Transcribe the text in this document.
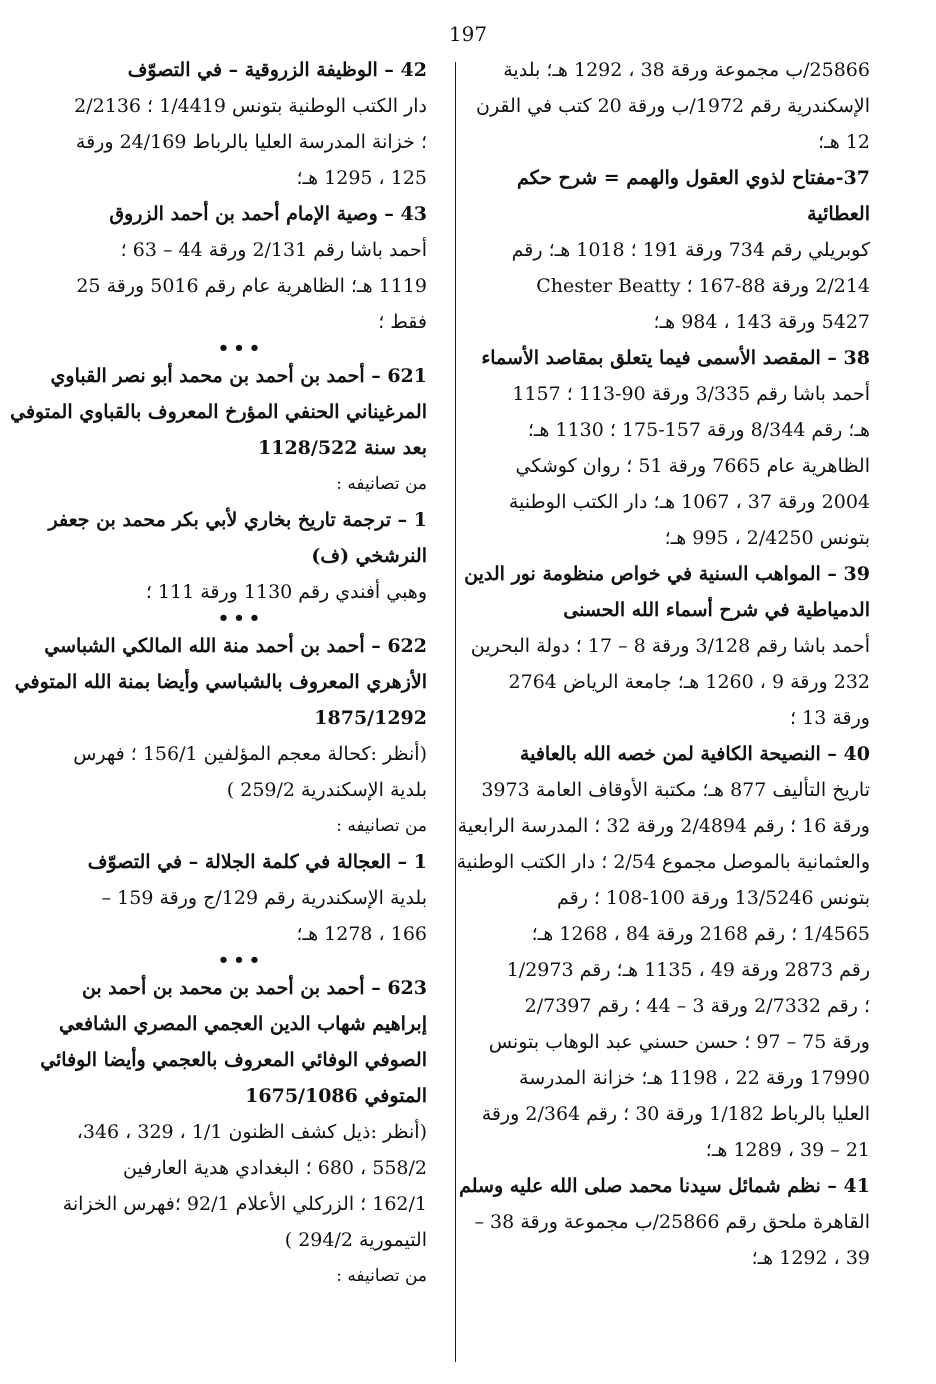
197
25866/ب مجموعة ورقة 38 ، 1292 هـ؛ بلدية
الإسكندرية رقم 1972/ب ورقة 20 كتب في القرن
12 هـ؛
37-مفتاح لذوي العقول والهمم = شرح حكم
العطائية
كوبريلي رقم 734 ورقة 191 ؛ 1018 هـ؛ رقم
2/214 ورقة 88-167 ؛ Chester Beatty
5427 ورقة 143 ، 984 هـ؛
38 – المقصد الأسمى فيما يتعلق بمقاصد الأسماء
أحمد باشا رقم 3/335 ورقة 90-113 ؛ 1157
هـ؛ رقم 8/344 ورقة 157-175 ؛ 1130 هـ؛
الظاهرية عام 7665 ورقة 51 ؛ روان كوشكي
2004 ورقة 37 ، 1067 هـ؛ دار الكتب الوطنية
بتونس 2/4250 ، 995 هـ؛
39 – المواهب السنية في خواص منظومة نور الدين
الدمياطية في شرح أسماء الله الحسنى
أحمد باشا رقم 3/128 ورقة 8 – 17 ؛ دولة البحرين
232 ورقة 9 ، 1260 هـ؛ جامعة الرياض 2764
ورقة 13 ؛
40 – النصيحة الكافية لمن خصه الله بالعافية
تاريخ التأليف 877 هـ؛ مكتبة الأوقاف العامة 3973
ورقة 16 ؛ رقم 2/4894 ورقة 32 ؛ المدرسة الرابعية
والعثمانية بالموصل مجموع 2/54 ؛ دار الكتب الوطنية
بتونس 13/5246 ورقة 100-108 ؛ رقم
1/4565 ؛ رقم 2168 ورقة 84 ، 1268 هـ؛
رقم 2873 ورقة 49 ، 1135 هـ؛ رقم 1/2973
؛ رقم 2/7332 ورقة 3 – 44 ؛ رقم 2/7397
ورقة 75 – 97 ؛ حسن حسني عبد الوهاب بتونس
17990 ورقة 22 ، 1198 هـ؛ خزانة المدرسة
العليا بالرباط 1/182 ورقة 30 ؛ رقم 2/364 ورقة
21 – 39 ، 1289 هـ؛
41 – نظم شمائل سيدنا محمد صلى الله عليه وسلم
القاهرة ملحق رقم 25866/ب مجموعة ورقة 38 –
39 ، 1292 هـ؛
42 – الوظيفة الزروقية – في التصوّف
دار الكتب الوطنية بتونس 1/4419 ؛ 2/2136
؛ خزانة المدرسة العليا بالرباط 24/169 ورقة
125 ، 1295 هـ؛
43 – وصية الإمام أحمد بن أحمد الزروق
أحمد باشا رقم 2/131 ورقة 44 – 63 ؛
1119 هـ؛ الظاهرية عام رقم 5016 ورقة 25
فقط ؛
•••
621 – أحمد بن أحمد بن محمد أبو نصر القباوي
المرغيناني الحنفي المؤرخ المعروف بالقباوي المتوفي
بعد سنة 1128/522
من تصانيفه :
1 – ترجمة تاريخ بخاري لأبي بكر محمد بن جعفر
النرشخي (ف)
وهبي أفندي رقم 1130 ورقة 111 ؛
•••
622 – أحمد بن أحمد منة الله المالكي الشباسي
الأزهري المعروف بالشباسي وأيضا بمنة الله المتوفي
1875/1292
(أنظر :كحالة معجم المؤلفين 156/1 ؛ فهرس
بلدية الإسكندرية 259/2 )
من تصانيفه :
1 – العجالة في كلمة الجلالة – في التصوّف
بلدية الإسكندرية رقم 129/ج ورقة 159 –
166 ، 1278 هـ؛
•••
623 – أحمد بن أحمد بن محمد بن أحمد بن
إبراهيم شهاب الدين العجمي المصري الشافعي
الصوفي الوفائي المعروف بالعجمي وأيضا الوفائي
المتوفي 1675/1086
(أنظر :ذيل كشف الظنون 1/1 ، 329 ، 346،
558/2 ، 680 ؛ البغدادي هدية العارفين
162/1 ؛ الزركلي الأعلام 92/1 ؛فهرس الخزانة
التيمورية 294/2 )
من تصانيفه :
